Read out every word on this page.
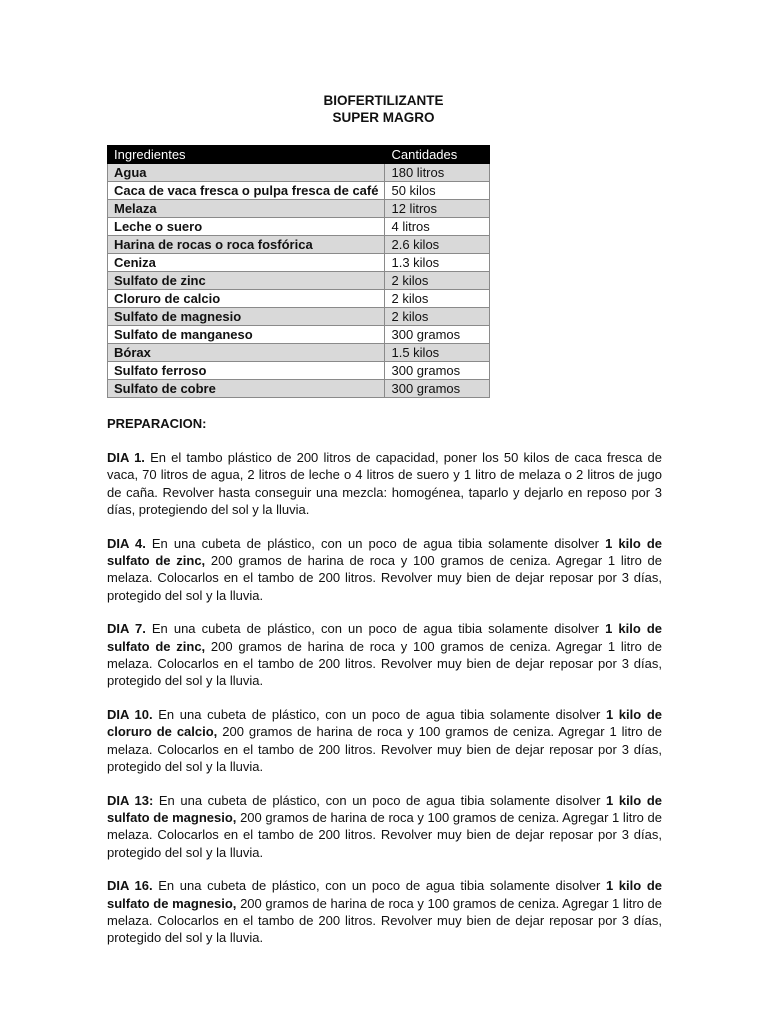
BIOFERTILIZANTE

SUPER MAGRO

Ingredientes	Cantidades
Agua	180 litros
Caca de vaca fresca o pulpa fresca de café	50 kilos
Melaza	12 litros
Leche o suero	4 litros
Harina de rocas o roca fosfórica	2.6 kilos
Ceniza	1.3 kilos
Sulfato de zinc	2 kilos
Cloruro de calcio	2 kilos
Sulfato de magnesio	2 kilos
Sulfato de manganeso	300 gramos
Bórax	1.5 kilos
Sulfato ferroso	300 gramos
Sulfato de cobre	300 gramos

PREPARACION:

DIA 1. En el tambo plástico de 200 litros de capacidad, poner los 50 kilos de caca fresca de vaca, 70 litros de agua, 2 litros de leche o 4 litros de suero y 1 litro de melaza o 2 litros de jugo de caña. Revolver hasta conseguir una mezcla: homogénea, taparlo y dejarlo en reposo por 3 días, protegiendo del sol y la lluvia.

DIA 4. En una cubeta de plástico, con un poco de agua tibia solamente disolver 1 kilo de sulfato de zinc, 200 gramos de harina de roca y 100 gramos de ceniza. Agregar 1 litro de melaza. Colocarlos en el tambo de 200 litros. Revolver muy bien de dejar reposar por 3 días, protegido del sol y la lluvia.

DIA 7. En una cubeta de plástico, con un poco de agua tibia solamente disolver 1 kilo de sulfato de zinc, 200 gramos de harina de roca y 100 gramos de ceniza. Agregar 1 litro de melaza. Colocarlos en el tambo de 200 litros. Revolver muy bien de dejar reposar por 3 días, protegido del sol y la lluvia.

DIA 10. En una cubeta de plástico, con un poco de agua tibia solamente disolver 1 kilo de cloruro de calcio, 200 gramos de harina de roca y 100 gramos de ceniza. Agregar 1 litro de melaza. Colocarlos en el tambo de 200 litros. Revolver muy bien de dejar reposar por 3 días, protegido del sol y la lluvia.

DIA 13: En una cubeta de plástico, con un poco de agua tibia solamente disolver 1 kilo de sulfato de magnesio, 200 gramos de harina de roca y 100 gramos de ceniza. Agregar 1 litro de melaza. Colocarlos en el tambo de 200 litros. Revolver muy bien de dejar reposar por 3 días, protegido del sol y la lluvia.

DIA 16. En una cubeta de plástico, con un poco de agua tibia solamente disolver 1 kilo de sulfato de magnesio, 200 gramos de harina de roca y 100 gramos de ceniza. Agregar 1 litro de melaza. Colocarlos en el tambo de 200 litros. Revolver muy bien de dejar reposar por 3 días, protegido del sol y la lluvia.
